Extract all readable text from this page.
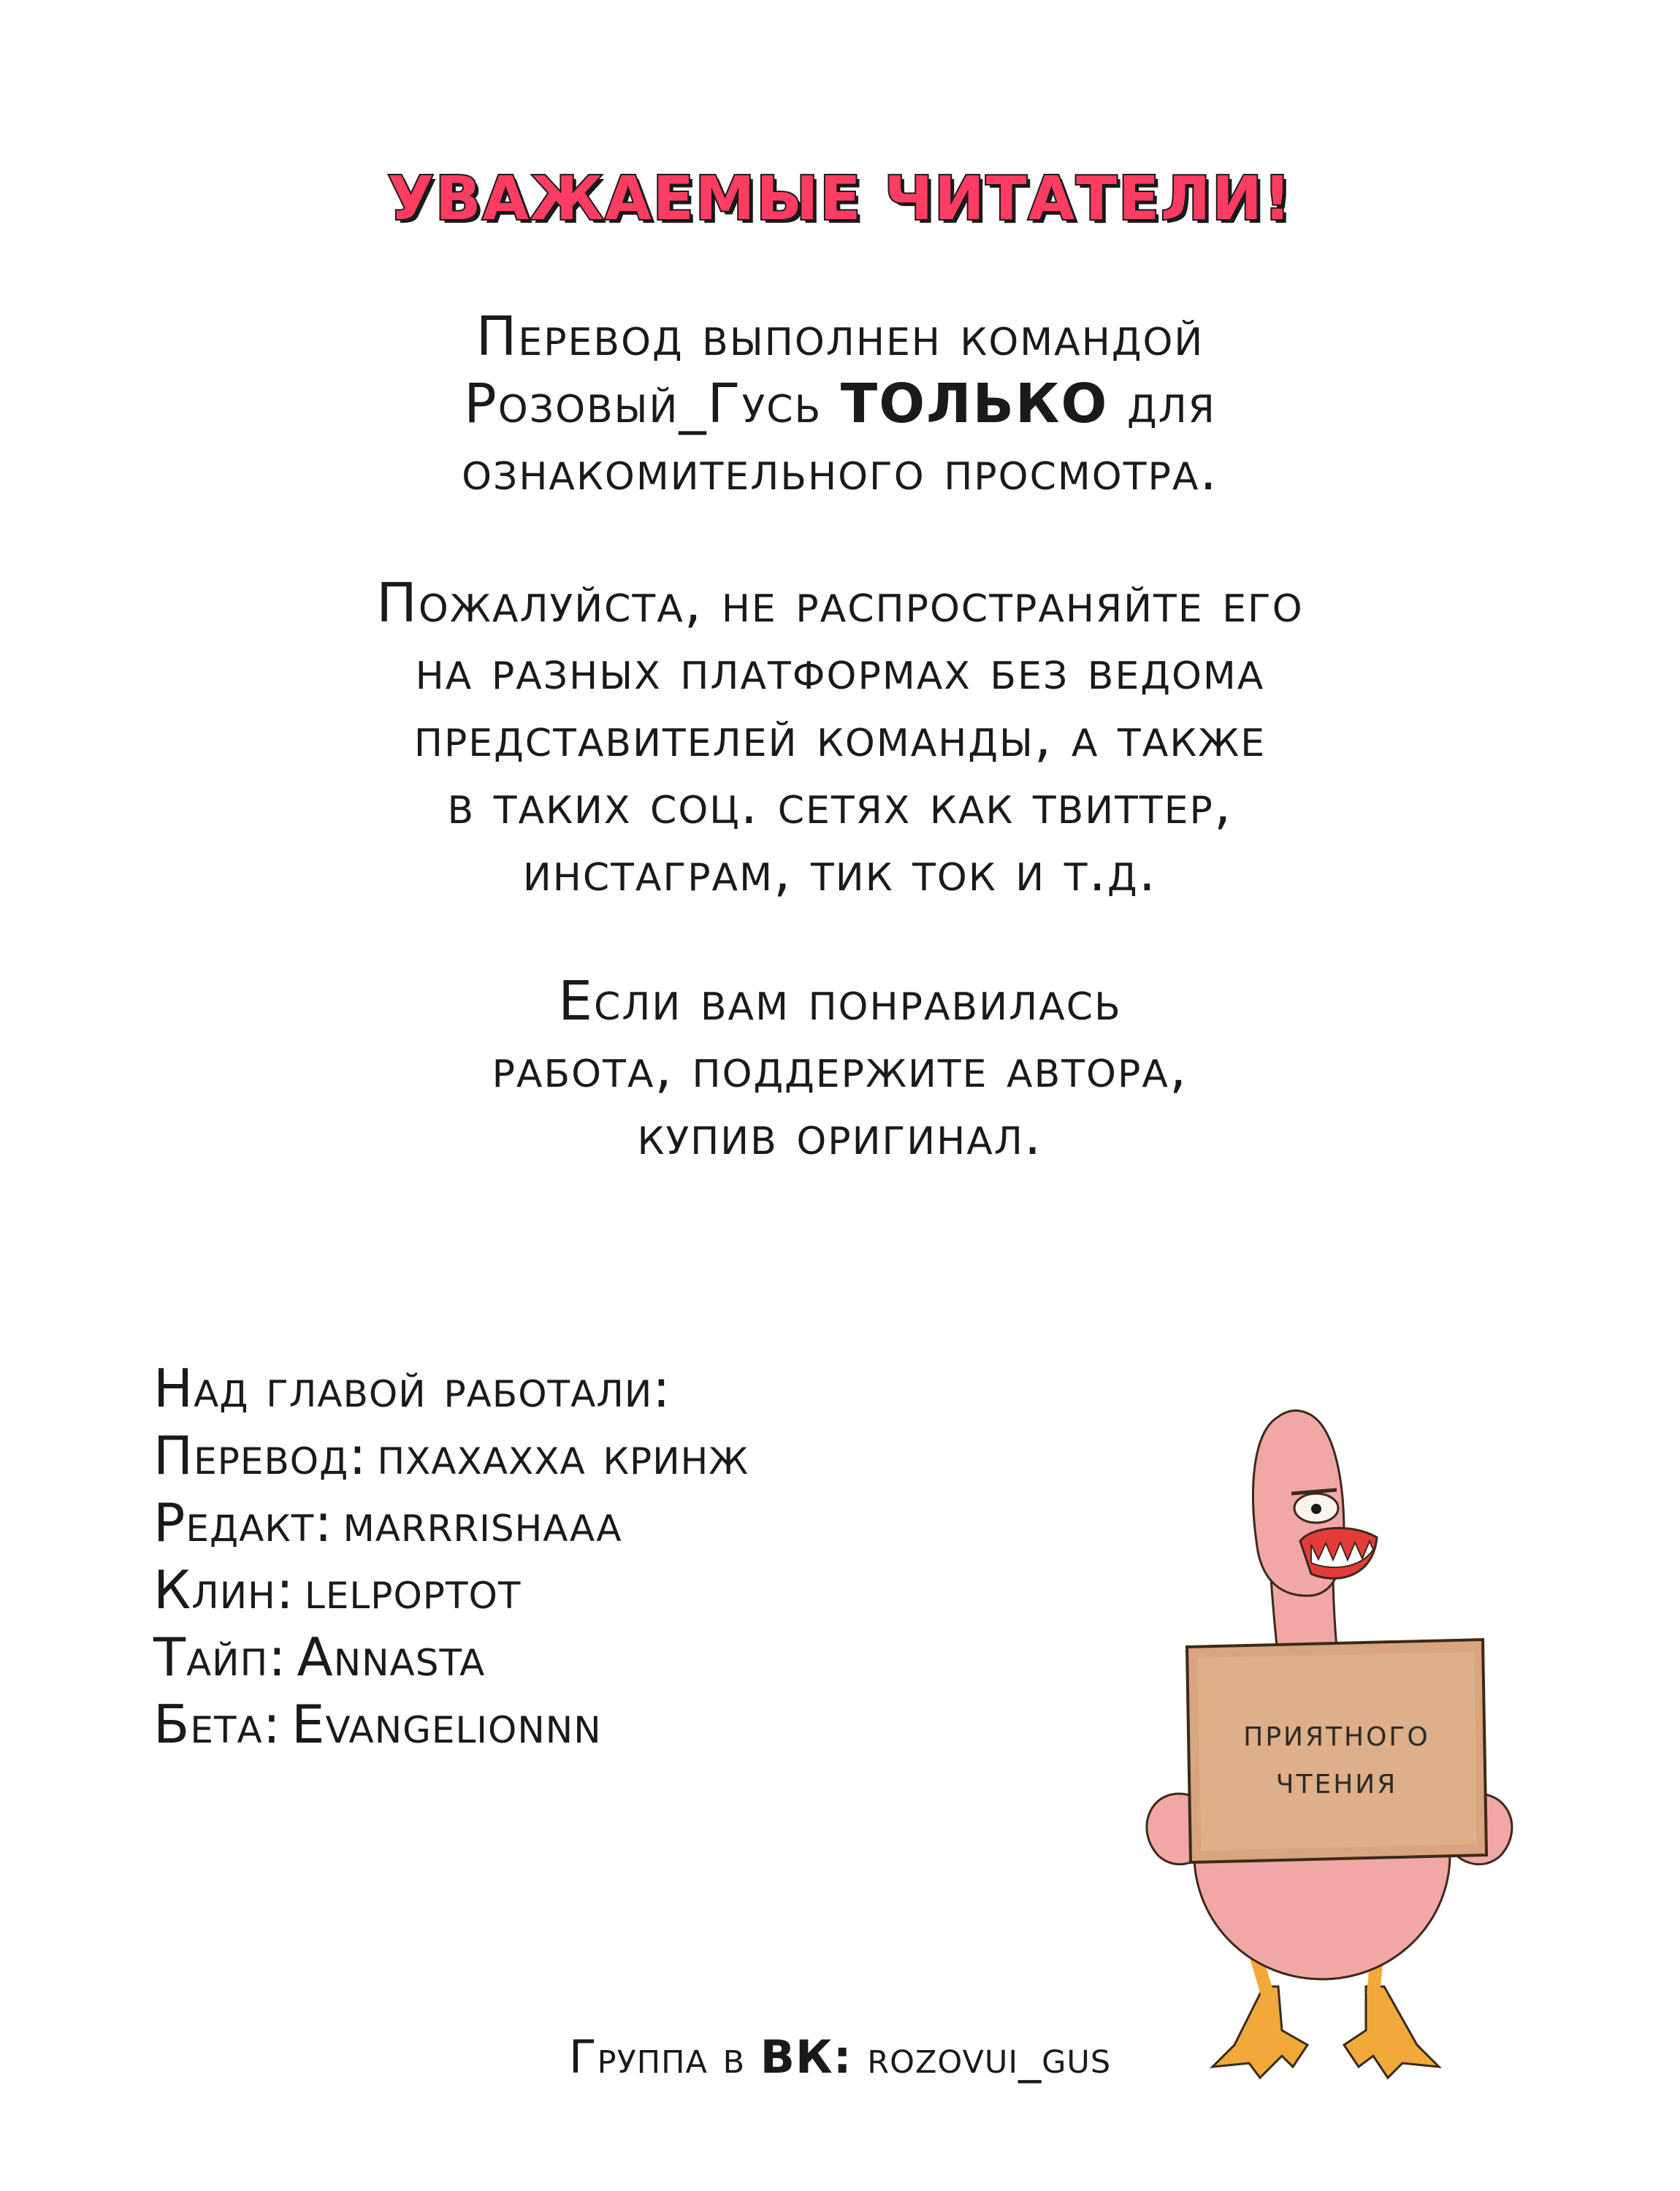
УВАЖАЕМЫЕ ЧИТАТЕЛИ!
Перевод выполнен командой
Розовый_Гусь ТОЛЬКО для
ознакомительного просмотра.
Пожалуйста, не распространяйте его
на разных платформах без ведома
представителей команды, а также
в таких соц. сетях как твиттер,
инстаграм, тик ток и т.д.
Если вам понравилась
работа, поддержите автора,
купив оригинал.
Над главой работали:
Перевод: пхахахха кринж
Редакт: marrrishaaa
Клин: lelpoptot
Тайп: Annasta
Бета: Evangelionnn	приятного
чтения
Группа в ВК: rozovui_gus
